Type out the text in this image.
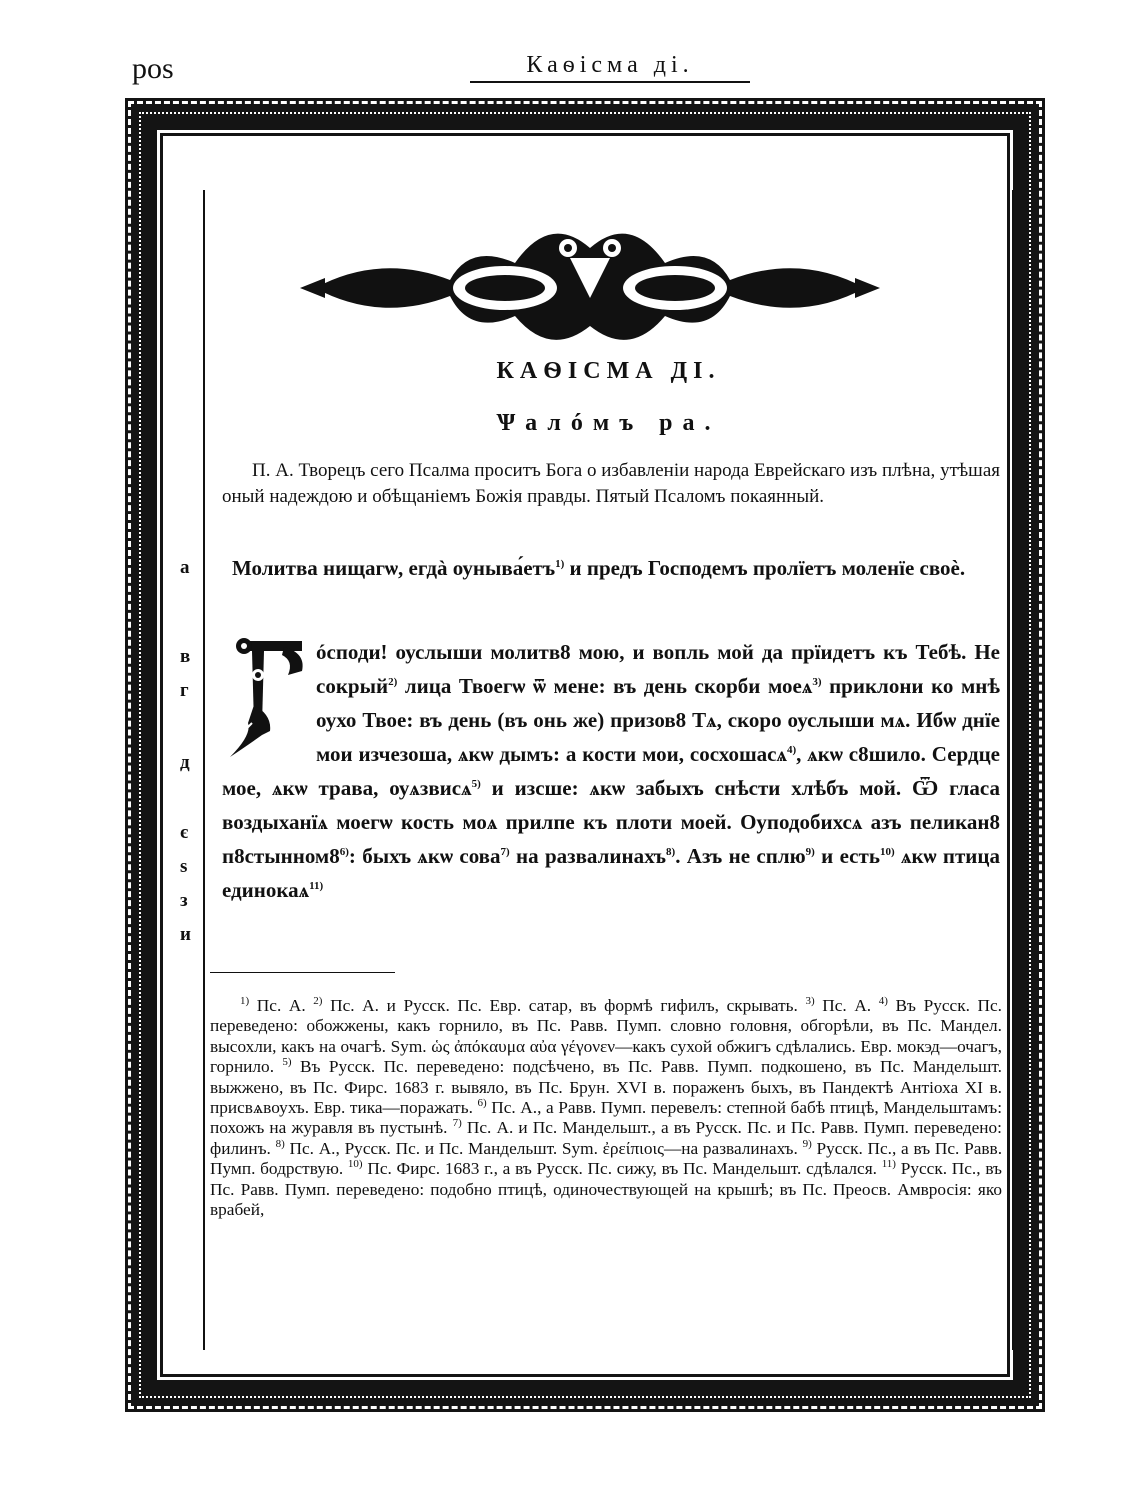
роѕ	Каѳісма ді.
КАѲІСМА ДІ.
Ѱалóмъ ра.
П. А. Творецъ сего Псалма проситъ Бога о избавленіи народа Еврейскаго изъ плѣна, утѣшая оный надеждою и обѣщаніемъ Божія правды. Пятый Псаломъ покаянный.
а
в
г
д
є
ѕ
з
и
Молитва нищагѡ, егдà оуныва́етъ$^{1)}$ и предъ Господемъ пролїетъ моленїе своѐ.
ócподи! оуслыши молитв8 мою, и вопль мой да прїидетъ къ Тебѣ. Не сокрый$^{2)}$ лица Твоегѡ ѿ мене: въ день скорби моеѧ$^{3)}$ приклони ко мнѣ оухо Твое: въ день (въ онь же) призов8 Тѧ, скоро оуслыши мѧ. Ибѡ днїе мои изчезоша, ѧкѡ дымъ: а кости мои, сосхошасѧ$^{4)}$, ѧкѡ с8шило. Сердце мое, ѧкѡ трава, оуѧзвисѧ$^{5)}$ и изсше: ѧкѡ забыхъ снѣсти хлѣбъ мой. Ѿ гласа воздыханїѧ моегѡ кость моѧ прилпе къ плоти моей. Оуподобихсѧ азъ пеликан8 п8стынном8$^{6)}$: быхъ ѧкѡ сова$^{7)}$ на развалинахъ$^{8)}$. Азъ не сплю$^{9)}$ и есть$^{10)}$ ѧкѡ птица единокаѧ$^{11)}$
$^{1)}$ Пс. А. $^{2)}$ Пс. А. и Русск. Пс. Евр. сатар, въ формѣ гифилъ, скрывать. $^{3)}$ Пс. А. $^{4)}$ Въ Русск. Пс. переведено: обожжены, какъ горнило, въ Пс. Равв. Пумп. словно головня, обгорѣли, въ Пс. Мандел. высохли, какъ на очагѣ. Sym. ὡς ἀπόκαυμα αὐα γέγονεν—какъ сухой обжигъ сдѣлались. Евр. мокэд—очагъ, горнило. $^{5)}$ Въ Русск. Пс. переведено: подсѣчено, въ Пс. Равв. Пумп. подкошено, въ Пс. Мандельшт. выжжено, въ Пс. Фирс. 1683 г. вывяло, въ Пс. Брун. XVI в. пораженъ быхъ, въ Пандектѣ Антіоха XI в. присвѧвоухъ. Евр. тика—поражать. $^{6)}$ Пс. А., а Равв. Пумп. перевелъ: степной бабѣ птицѣ, Мандельштамъ: похожъ на журавля въ пустынѣ. $^{7)}$ Пс. А. и Пс. Мандельшт., а въ Русск. Пс. и Пс. Равв. Пумп. переведено: филинъ. $^{8)}$ Пс. А., Русск. Пс. и Пс. Мандельшт. Sym. ἐρείπιοις—на развалинахъ. $^{9)}$ Русск. Пс., а въ Пс. Равв. Пумп. бодрствую. $^{10)}$ Пс. Фирс. 1683 г., а въ Русск. Пс. сижу, въ Пс. Мандельшт. сдѣлался. $^{11)}$ Русск. Пс., въ Пс. Равв. Пумп. переведено: подобно птицѣ, одиночествующей на крышѣ; въ Пс. Преосв. Амвросія: яко врабей,
